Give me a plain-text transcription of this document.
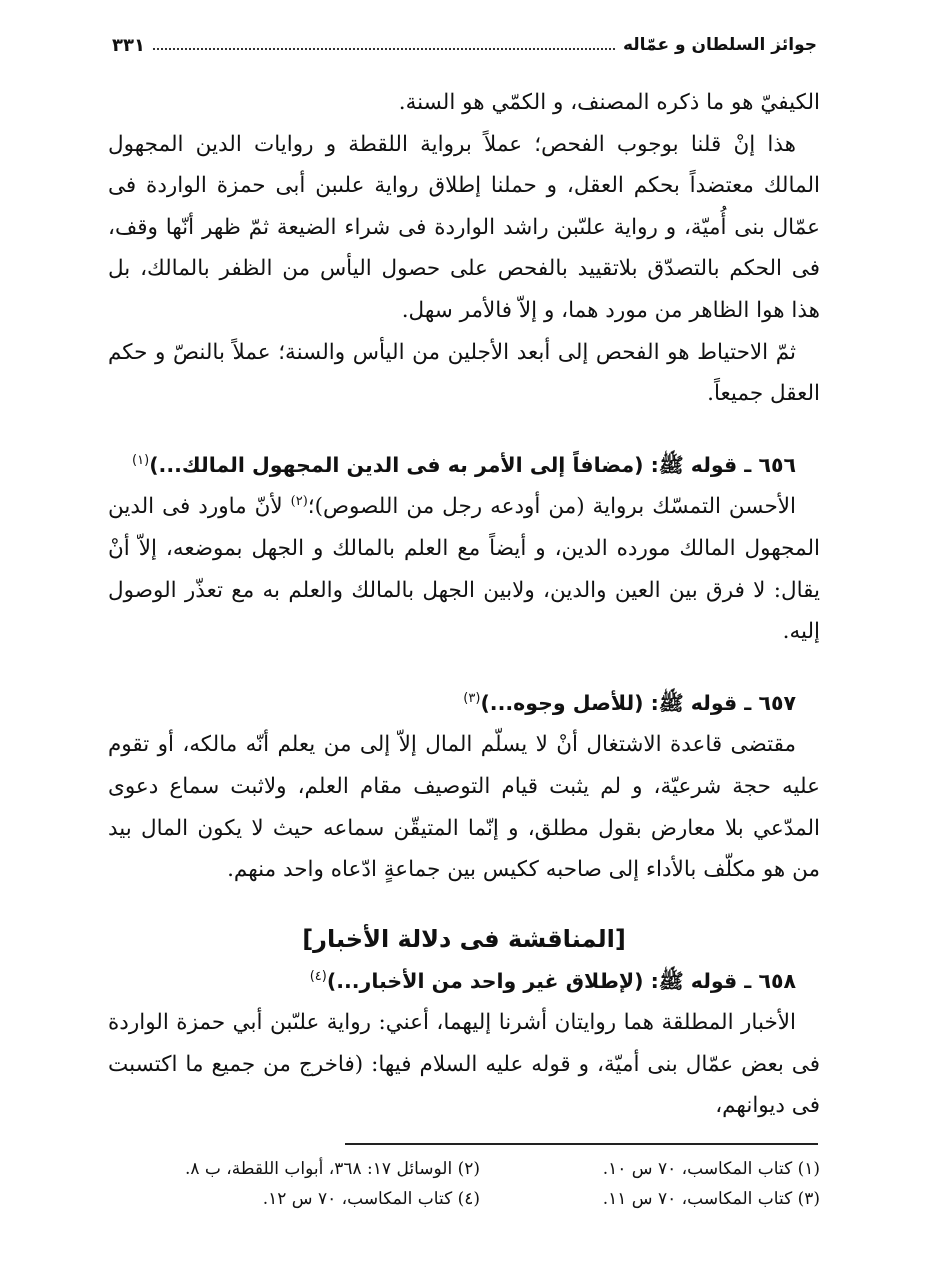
جوائز السلطان و عمّاله
٣٣١

الكيفيّ هو ما ذكره المصنف، و الكمّي هو السنة.

هذا إنْ قلنا بوجوب الفحص؛ عملاً برواية اللقطة و روايات الدين المجهول المالك معتضداً بحكم العقل، و حملنا إطلاق رواية علىبن أبى حمزة الواردة فى عمّال بنى أُميّة، و رواية علىّبن راشد الواردة فى شراء الضيعة ثمّ ظهر أنّها وقف، فى الحكم بالتصدّق بلاتقييد بالفحص على حصول اليأس من الظفر بالمالك، بل هذا هوا الظاهر من مورد هما، و إلاّ فالأمر سهل.

ثمّ الاحتياط هو الفحص إلى أبعد الأجلين من اليأس والسنة؛ عملاً بالنصّ و حكم العقل جميعاً.

٦٥٦ ـ قوله ﷺ: (مضافاً إلى الأمر به فى الدين المجهول المالك...)$^{(١)}$

الأحسن التمسّك برواية (من أودعه رجل من اللصوص)؛$^{(٢)}$ لأنّ ماورد فى الدين المجهول المالك مورده الدين، و أيضاً مع العلم بالمالك و الجهل بموضعه، إلاّ أنْ يقال: لا فرق بين العين والدين، ولابين الجهل بالمالك والعلم به مع تعذّر الوصول إليه.

٦٥٧ ـ قوله ﷺ: (للأصل وجوه...)$^{(٣)}$

مقتضى قاعدة الاشتغال أنْ لا يسلّم المال إلاّ إلى من يعلم أنّه مالكه، أو تقوم عليه حجة شرعيّة، و لم يثبت قيام التوصيف مقام العلم، ولاثبت سماع دعوى المدّعي بلا معارض بقول مطلق، و إنّما المتيقّن سماعه حيث لا يكون المال بيد من هو مكلّف بالأداء إلى صاحبه ككيس بين جماعةٍ ادّعاه واحد منهم.

[المناقشة فى دلالة الأخبار]

٦٥٨ ـ قوله ﷺ: (لإطلاق غير واحد من الأخبار...)$^{(٤)}$

الأخبار المطلقة هما روايتان أشرنا إليهما، أعني: رواية علىّبن أبي حمزة الواردة فى بعض عمّال بنى أميّة، و قوله عليه السلام فيها: (فاخرج من جميع ما اكتسبت فى ديوانهم،

(١) كتاب المكاسب، ٧٠ س ١٠.
(٢) الوسائل ١٧: ٣٦٨، أبواب اللقطة، ب ٨.
(٣) كتاب المكاسب، ٧٠ س ١١.
(٤) كتاب المكاسب، ٧٠ س ١٢.
